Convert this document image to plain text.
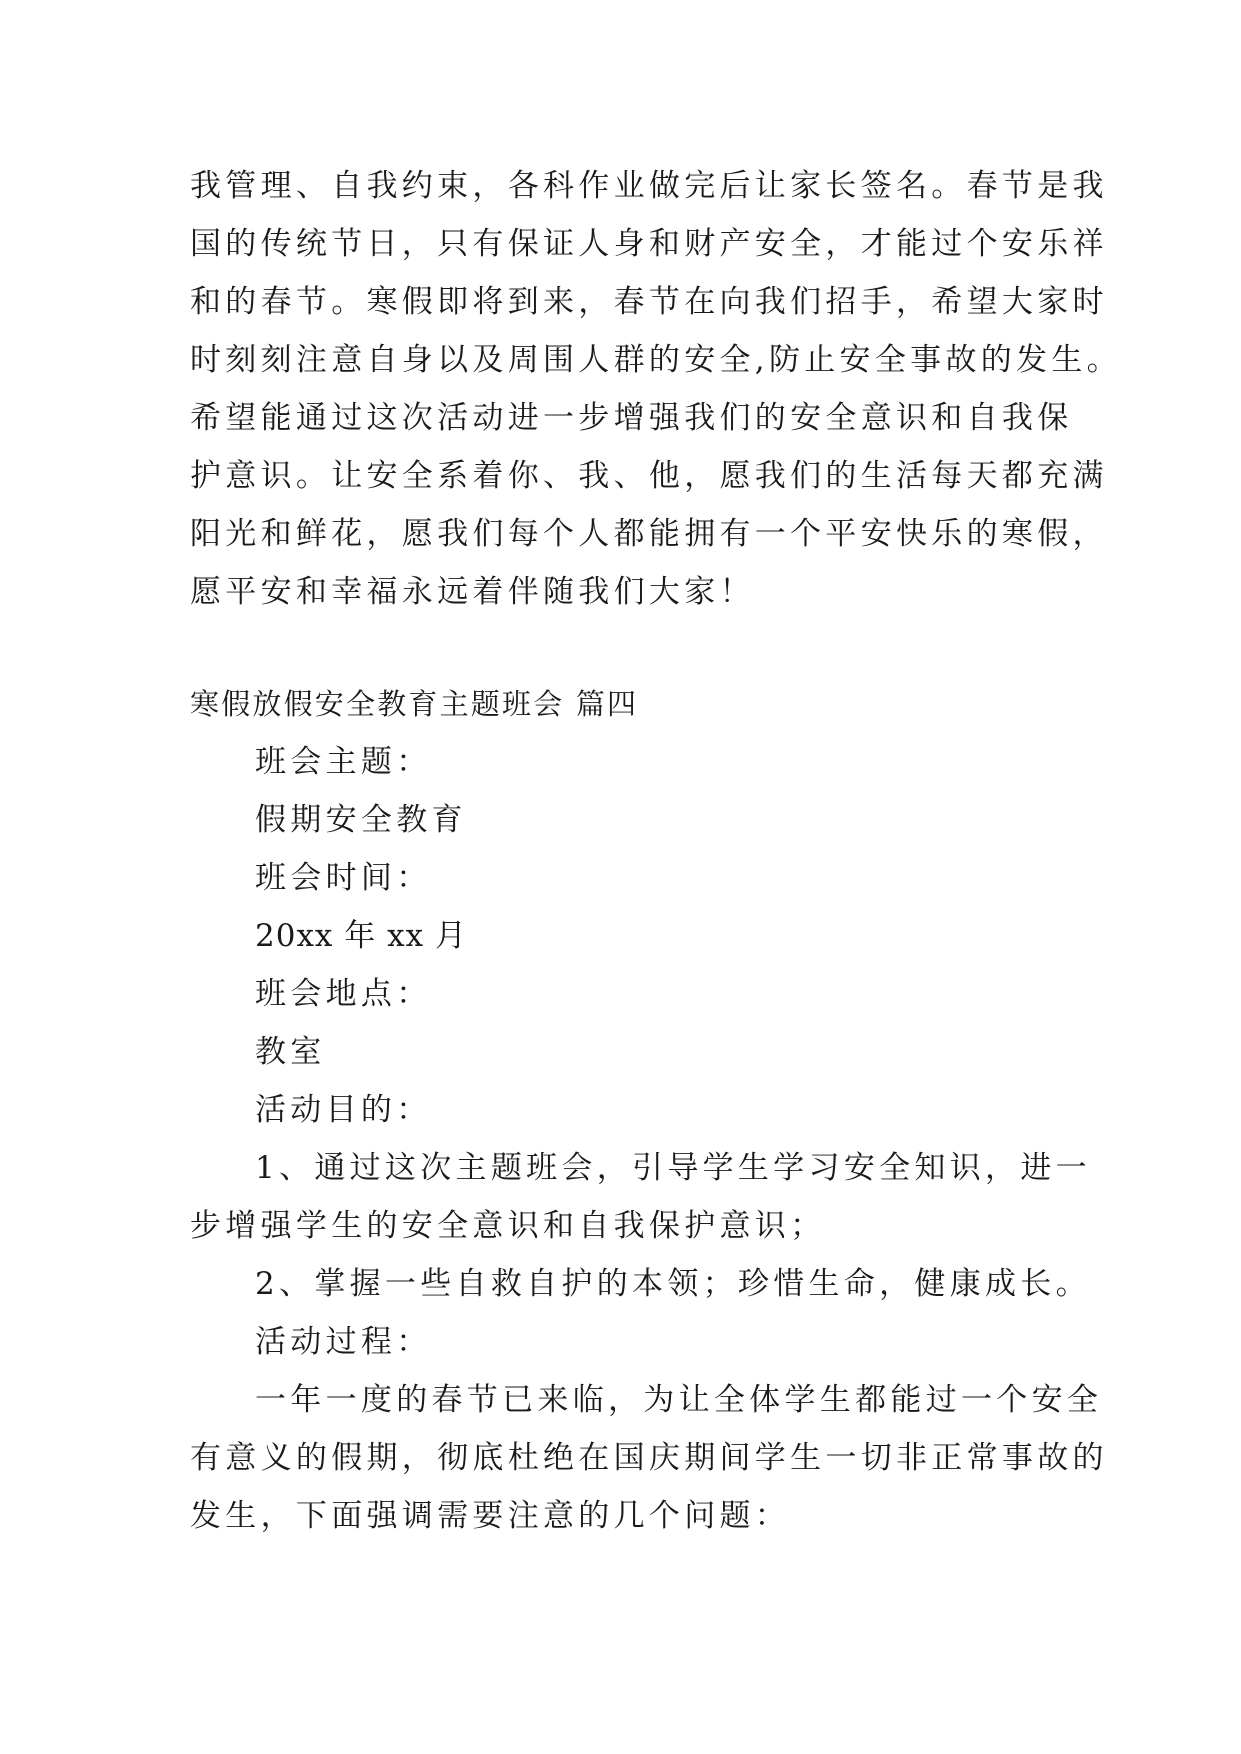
我管理、自我约束，各科作业做完后让家长签名。春节是我
国的传统节日，只有保证人身和财产安全，才能过个安乐祥
和的春节。寒假即将到来，春节在向我们招手，希望大家时
时刻刻注意自身以及周围人群的安全,防止安全事故的发生。
希望能通过这次活动进一步增强我们的安全意识和自我保
护意识。让安全系着你、我、他，愿我们的生活每天都充满
阳光和鲜花，愿我们每个人都能拥有一个平安快乐的寒假，
愿平安和幸福永远着伴随我们大家！
寒假放假安全教育主题班会 篇四
班会主题：
假期安全教育
班会时间：
20xx 年 xx 月
班会地点：
教室
活动目的：
1、通过这次主题班会，引导学生学习安全知识，进一
步增强学生的安全意识和自我保护意识；
2、掌握一些自救自护的本领；珍惜生命，健康成长。
活动过程：
一年一度的春节已来临，为让全体学生都能过一个安全
有意义的假期，彻底杜绝在国庆期间学生一切非正常事故的
发生，下面强调需要注意的几个问题：
